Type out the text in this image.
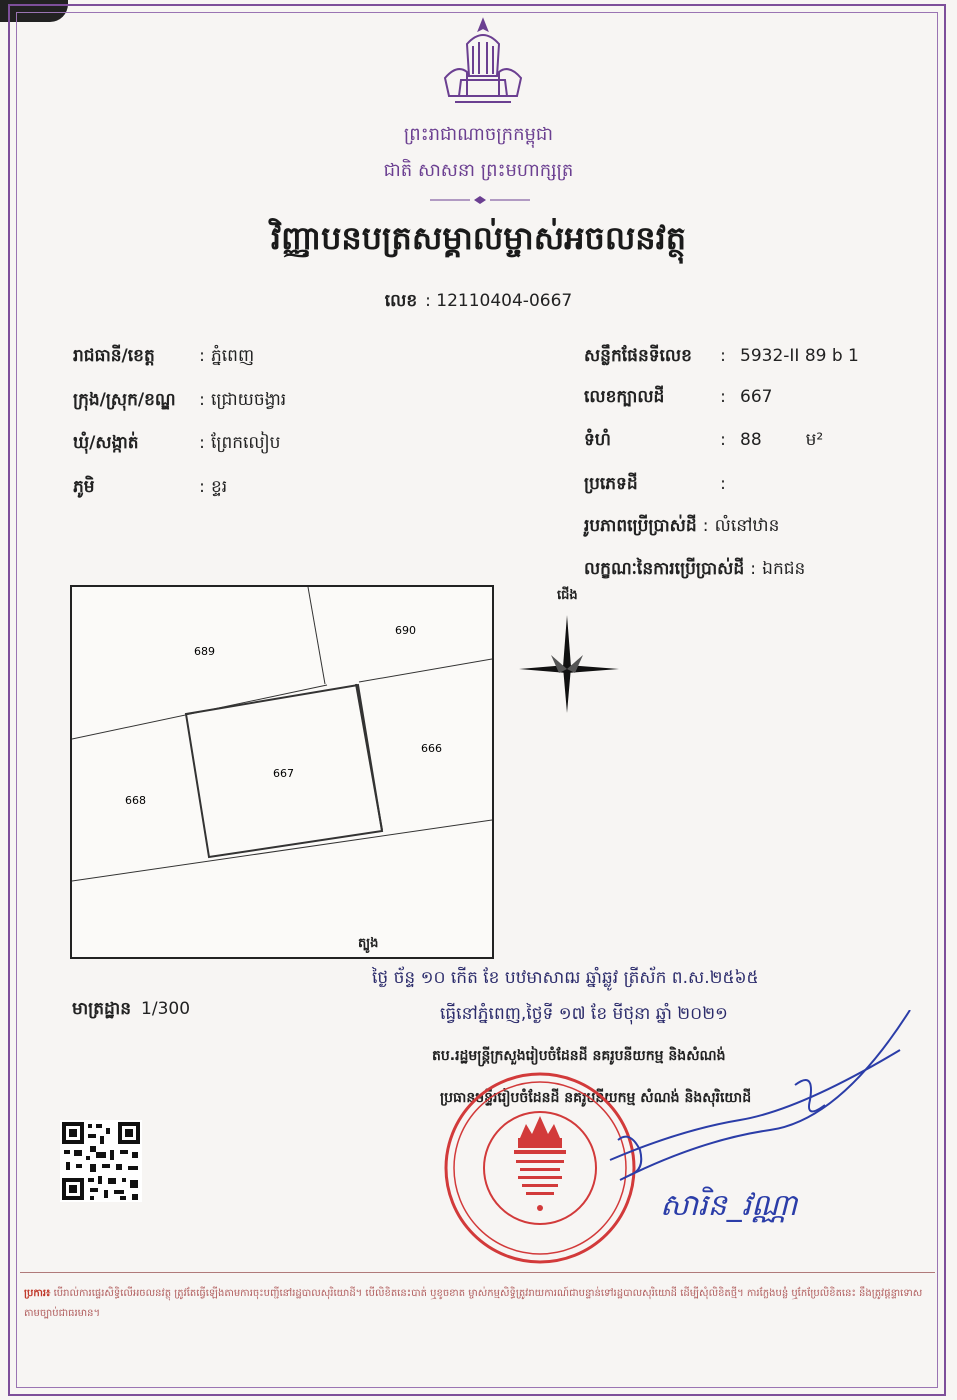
ព្រះរាជាណាចក្រកម្ពុជា
ជាតិ សាសនា ព្រះមហាក្សត្រ
វិញ្ញាបនបត្រសម្គាល់ម្ចាស់អចលនវត្ថុ
លេខ : 12110404-0667
រាជធានី/ខេត្ត	: ភ្នំពេញ
ក្រុង/ស្រុក/ខណ្ឌ : ជ្រោយចង្វារ
ឃុំ/សង្កាត់	: ព្រែកលៀប
ភូមិ	: ខ្ទរ
សន្លឹកផែនទីលេខ : 5932-II 89 b 1
លេខក្បាលដី	: 667
ទំហំ	: 88	ម²
ប្រភេទដី	:
រូបភាពប្រើប្រាស់ដី : លំនៅឋាន
លក្ខណៈនៃការប្រើប្រាស់ដី : ឯកជន
689
690
667
666
668
ជើង
ត្បូង
ថ្ងៃ ច័ន្ទ ១០ កើត ខែ បឋមាសាឍ ឆ្នាំឆ្លូវ ត្រីស័ក ព.ស.២៥៦៥
ធ្វើនៅភ្នំពេញ,ថ្ងៃទី ១៧ ខែ មីថុនា ឆ្នាំ ២០២១
មាត្រដ្ឋាន 1/300
តប.រដ្ឋមន្ត្រីក្រសួងរៀបចំដែនដី នគរូបនីយកម្ម និងសំណង់
ប្រធានមន្ទីររៀបចំដែនដី នគរូបនីយកម្ម សំណង់ និងសុរិយោដី
សារិន_វណ្ណា
ប្រការ៖ បើរាល់ការផ្ទេរសិទ្ធិលើអចលនវត្ថុ ត្រូវតែធ្វើឡើងតាមការចុះបញ្ជីនៅរដ្ឋបាលសុរិយោដី។ បើលិខិតនេះបាត់ ឬខូចខាត ម្ចាស់កម្មសិទ្ធិត្រូវរាយការណ៍ជាបន្ទាន់ទៅរដ្ឋបាលសុរិយោដី ដើម្បីសុំលិខិតថ្មី។ ការក្លែងបន្លំ ឬកែប្រែលិខិតនេះ នឹងត្រូវផ្តន្ទាទោសតាមច្បាប់ជាធរមាន។
